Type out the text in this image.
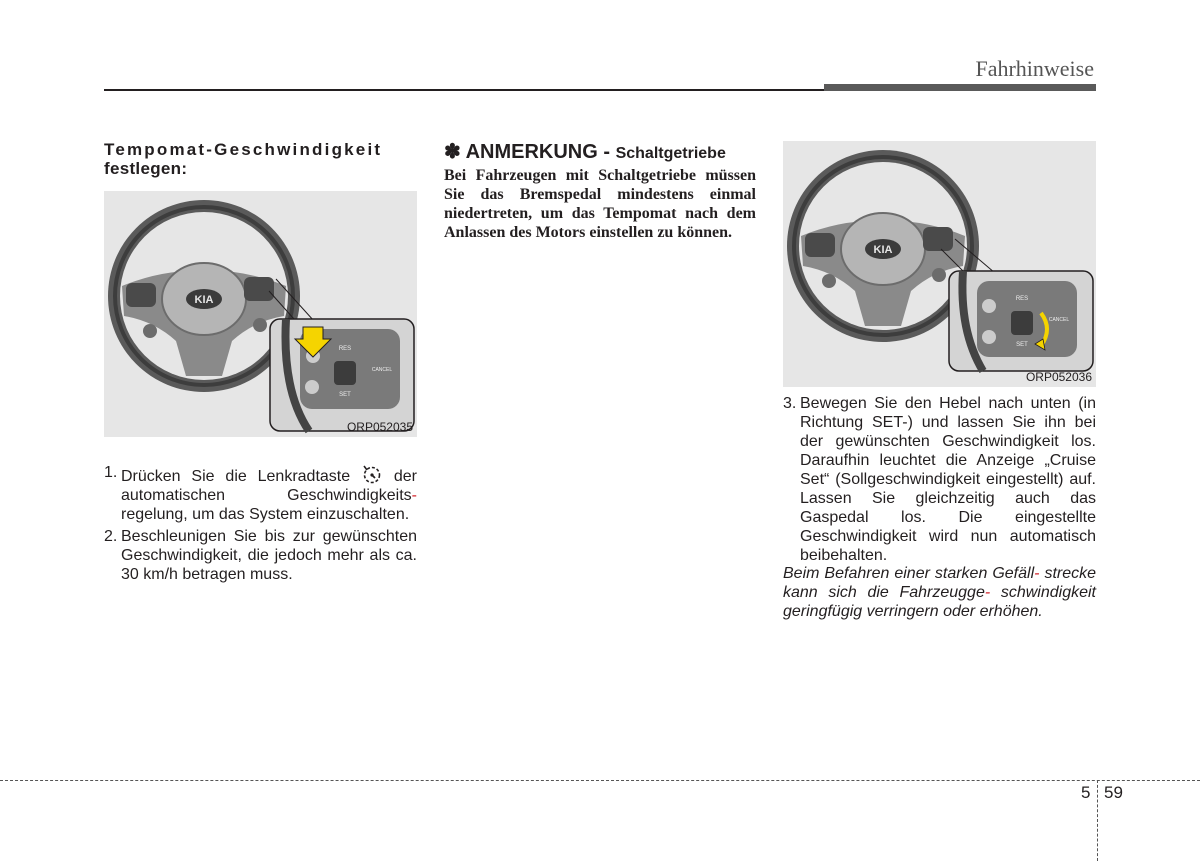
Fahrhinweise
Tempomat-Geschwindigkeit
festlegen:
KIA
RES
SET
CANCEL
ORP052035
1. Drücken Sie die Lenkradtaste  der automatischen Geschwindigkeits- regelung, um das System einzuschalten.
2. Beschleunigen Sie bis zur gewünschten Geschwindigkeit, die jedoch mehr als ca. 30 km/h betragen muss.
✽ ANMERKUNG - Schaltgetriebe
Bei Fahrzeugen mit Schaltgetriebe müssen Sie das Bremspedal mindestens einmal niedertreten, um das Tempomat nach dem Anlassen des Motors einstellen zu können.
KIA
RES
SET
CANCEL
ORP052036
3. Bewegen Sie den Hebel nach unten (in Richtung SET-) und lassen Sie ihn bei der gewünschten Geschwindigkeit los. Daraufhin leuchtet die Anzeige „Cruise Set“ (Sollgeschwindigkeit eingestellt) auf. Lassen Sie gleichzeitig auch das Gaspedal los. Die eingestellte Geschwindigkeit wird nun automatisch beibehalten.
Beim Befahren einer starken Gefäll- strecke kann sich die Fahrzeugge- schwindigkeit geringfügig verringern oder erhöhen.
5 59
